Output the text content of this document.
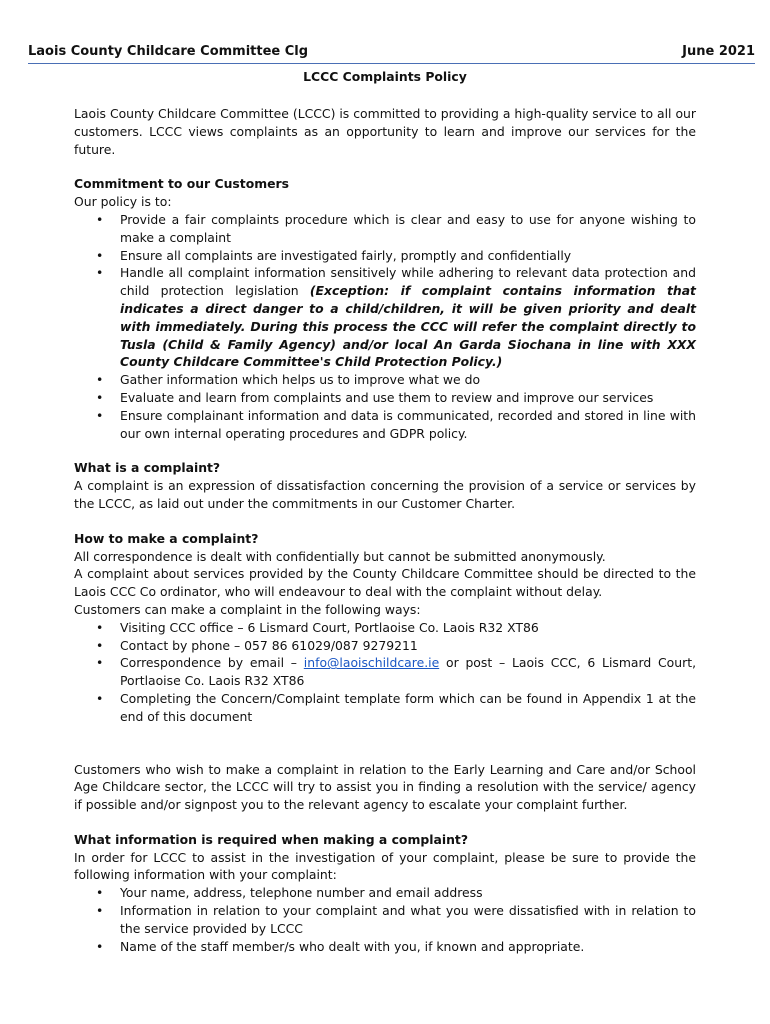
Laois County Childcare Committee Clg	June 2021
LCCC Complaints Policy

Laois County Childcare Committee (LCCC) is committed to providing a high-quality service to all our customers. LCCC views complaints as an opportunity to learn and improve our services for the future.

Commitment to our Customers

Our policy is to:

• Provide a fair complaints procedure which is clear and easy to use for anyone wishing to make a complaint
• Ensure all complaints are investigated fairly, promptly and confidentially
• Handle all complaint information sensitively while adhering to relevant data protection and child protection legislation (Exception: if complaint contains information that indicates a direct danger to a child/children, it will be given priority and dealt with immediately. During this process the CCC will refer the complaint directly to Tusla (Child & Family Agency) and/or local An Garda Siochana in line with XXX County Childcare Committee's Child Protection Policy.)
• Gather information which helps us to improve what we do
• Evaluate and learn from complaints and use them to review and improve our services
• Ensure complainant information and data is communicated, recorded and stored in line with our own internal operating procedures and GDPR policy.

What is a complaint?

A complaint is an expression of dissatisfaction concerning the provision of a service or services by the LCCC, as laid out under the commitments in our Customer Charter.

How to make a complaint?

All correspondence is dealt with confidentially but cannot be submitted anonymously.

A complaint about services provided by the County Childcare Committee should be directed to the Laois CCC Co ordinator, who will endeavour to deal with the complaint without delay.

Customers can make a complaint in the following ways:

• Visiting CCC office – 6 Lismard Court, Portlaoise Co. Laois R32 XT86
• Contact by phone – 057 86 61029/087 9279211
• Correspondence by email – info@laoischildcare.ie or post – Laois CCC, 6 Lismard Court, Portlaoise Co. Laois R32 XT86
• Completing the Concern/Complaint template form which can be found in Appendix 1 at the end of this document

Customers who wish to make a complaint in relation to the Early Learning and Care and/or School Age Childcare sector, the LCCC will try to assist you in finding a resolution with the service/ agency if possible and/or signpost you to the relevant agency to escalate your complaint further.

What information is required when making a complaint?

In order for LCCC to assist in the investigation of your complaint, please be sure to provide the following information with your complaint:

• Your name, address, telephone number and email address
• Information in relation to your complaint and what you were dissatisfied with in relation to the service provided by LCCC
• Name of the staff member/s who dealt with you, if known and appropriate.
